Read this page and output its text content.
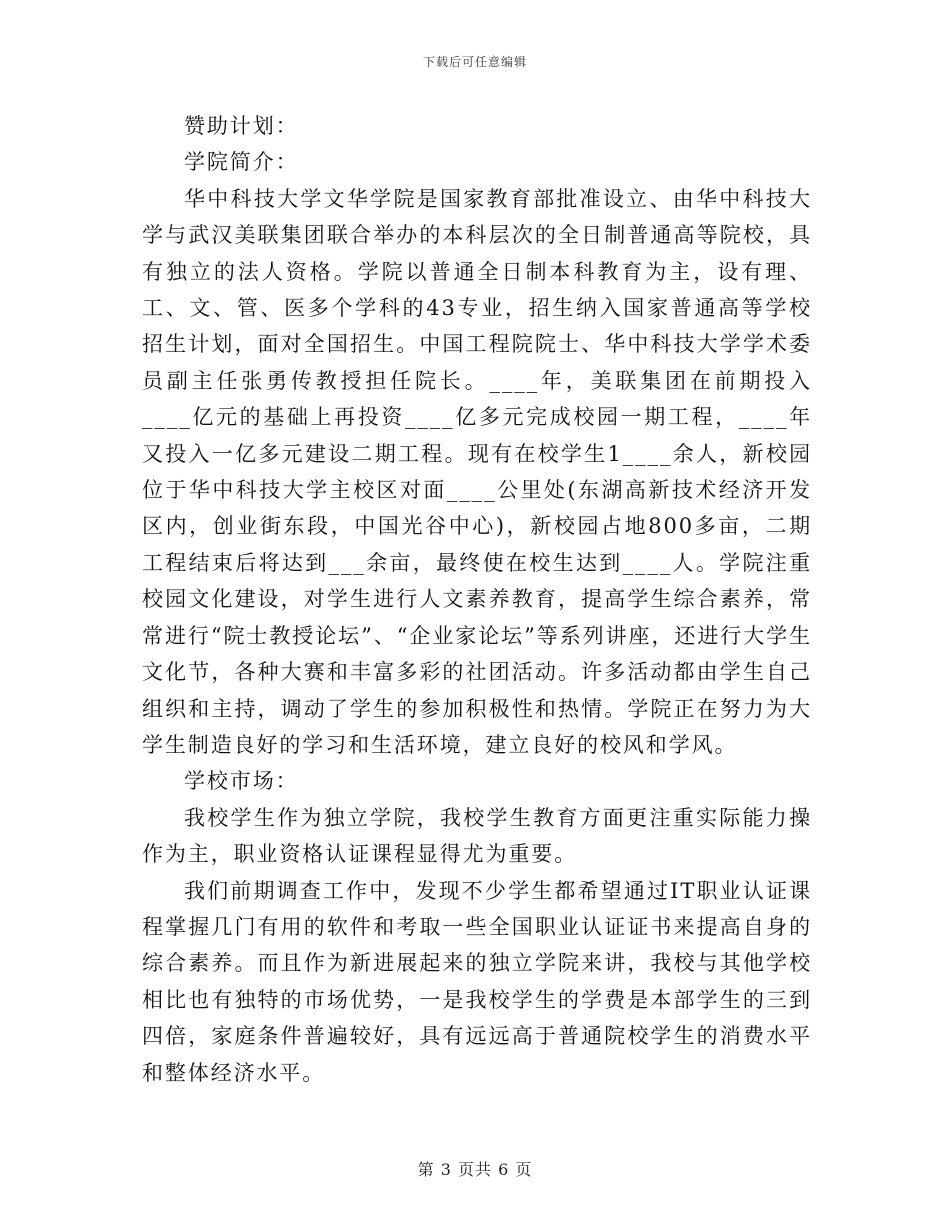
下载后可任意编辑

赞助计划：

学院简介：

华中科技大学文华学院是国家教育部批准设立、由华中科技大学与武汉美联集团联合举办的本科层次的全日制普通高等院校，具有独立的法人资格。学院以普通全日制本科教育为主，设有理、工、文、管、医多个学科的43专业，招生纳入国家普通高等学校招生计划，面对全国招生。中国工程院院士、华中科技大学学术委员副主任张勇传教授担任院长。____年，美联集团在前期投入____亿元的基础上再投资____亿多元完成校园一期工程，____年又投入一亿多元建设二期工程。现有在校学生1____余人，新校园位于华中科技大学主校区对面____公里处(东湖高新技术经济开发区内，创业街东段，中国光谷中心)，新校园占地800多亩，二期工程结束后将达到___余亩，最终使在校生达到____人。学院注重校园文化建设，对学生进行人文素养教育，提高学生综合素养，常常进行“院士教授论坛”、“企业家论坛”等系列讲座，还进行大学生文化节，各种大赛和丰富多彩的社团活动。许多活动都由学生自己组织和主持，调动了学生的参加积极性和热情。学院正在努力为大学生制造良好的学习和生活环境，建立良好的校风和学风。

学校市场：

我校学生作为独立学院，我校学生教育方面更注重实际能力操作为主，职业资格认证课程显得尤为重要。

我们前期调查工作中，发现不少学生都希望通过IT职业认证课程掌握几门有用的软件和考取一些全国职业认证证书来提高自身的综合素养。而且作为新进展起来的独立学院来讲，我校与其他学校相比也有独特的市场优势，一是我校学生的学费是本部学生的三到四倍，家庭条件普遍较好，具有远远高于普通院校学生的消费水平和整体经济水平。

第 3 页共 6 页
